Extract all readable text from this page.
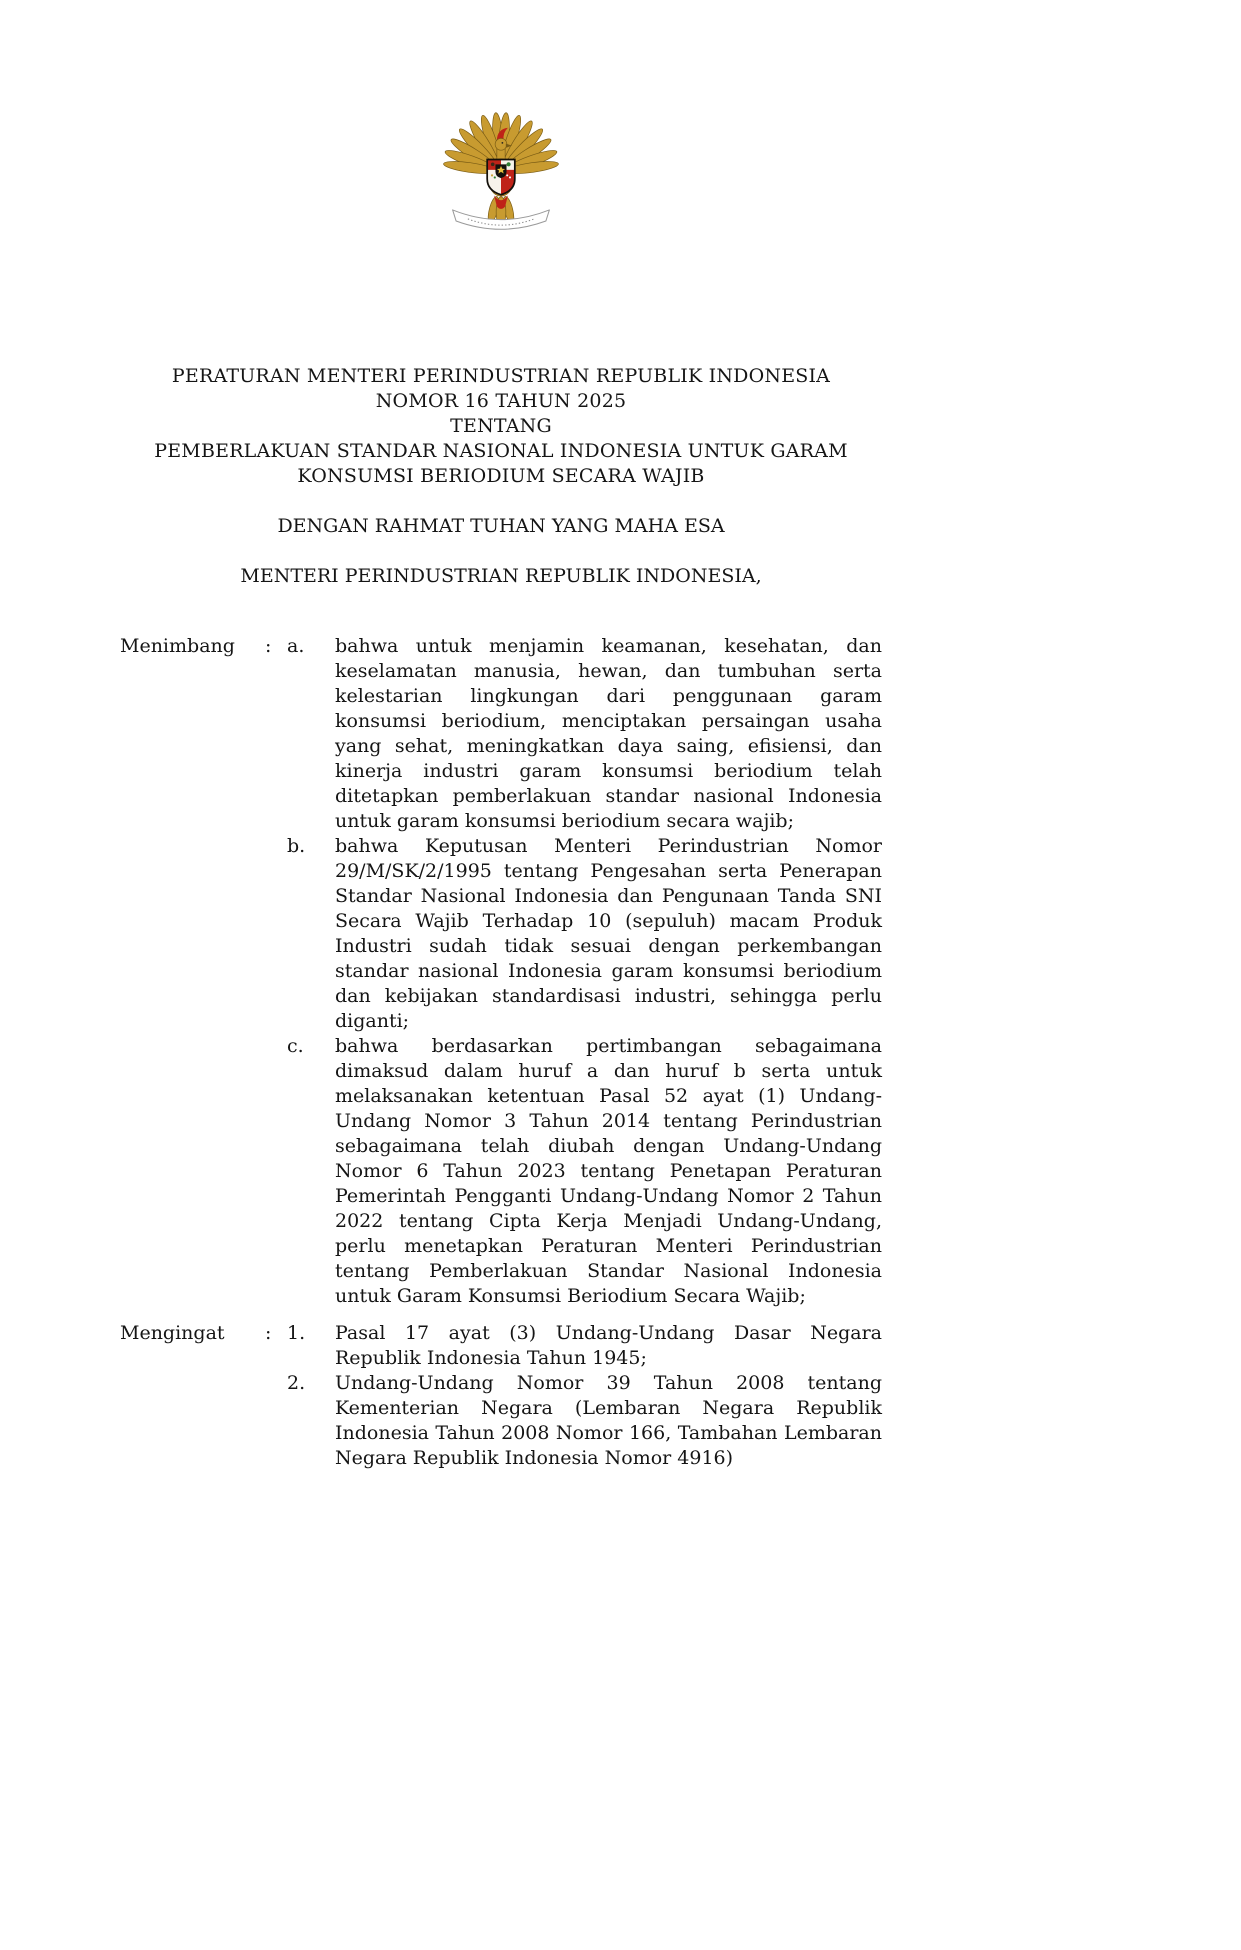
PERATURAN MENTERI PERINDUSTRIAN REPUBLIK INDONESIA
NOMOR 16 TAHUN 2025
TENTANG
PEMBERLAKUAN STANDAR NASIONAL INDONESIA UNTUK GARAM
KONSUMSI BERIODIUM SECARA WAJIB
DENGAN RAHMAT TUHAN YANG MAHA ESA
MENTERI PERINDUSTRIAN REPUBLIK INDONESIA,
Menimbang	: a.	bahwa untuk menjamin keamanan, kesehatan, dan keselamatan manusia, hewan, dan tumbuhan serta kelestarian lingkungan dari penggunaan garam konsumsi beriodium, menciptakan persaingan usaha yang sehat, meningkatkan daya saing, efisiensi, dan kinerja industri garam konsumsi beriodium telah ditetapkan pemberlakuan standar nasional Indonesia untuk garam konsumsi beriodium secara wajib;
b.	bahwa Keputusan Menteri Perindustrian Nomor 29/M/SK/2/1995 tentang Pengesahan serta Penerapan Standar Nasional Indonesia dan Pengunaan Tanda SNI Secara Wajib Terhadap 10 (sepuluh) macam Produk Industri sudah tidak sesuai dengan perkembangan standar nasional Indonesia garam konsumsi beriodium dan kebijakan standardisasi industri, sehingga perlu diganti;
c.	bahwa berdasarkan pertimbangan sebagaimana dimaksud dalam huruf a dan huruf b serta untuk melaksanakan ketentuan Pasal 52 ayat (1) Undang-Undang Nomor 3 Tahun 2014 tentang Perindustrian sebagaimana telah diubah dengan Undang-Undang Nomor 6 Tahun 2023 tentang Penetapan Peraturan Pemerintah Pengganti Undang-Undang Nomor 2 Tahun 2022 tentang Cipta Kerja Menjadi Undang-Undang, perlu menetapkan Peraturan Menteri Perindustrian tentang Pemberlakuan Standar Nasional Indonesia untuk Garam Konsumsi Beriodium Secara Wajib;
Mengingat	: 1.	Pasal 17 ayat (3) Undang-Undang Dasar Negara Republik Indonesia Tahun 1945;
2.	Undang-Undang Nomor 39 Tahun 2008 tentang Kementerian Negara (Lembaran Negara Republik Indonesia Tahun 2008 Nomor 166, Tambahan Lembaran Negara Republik Indonesia Nomor 4916)
